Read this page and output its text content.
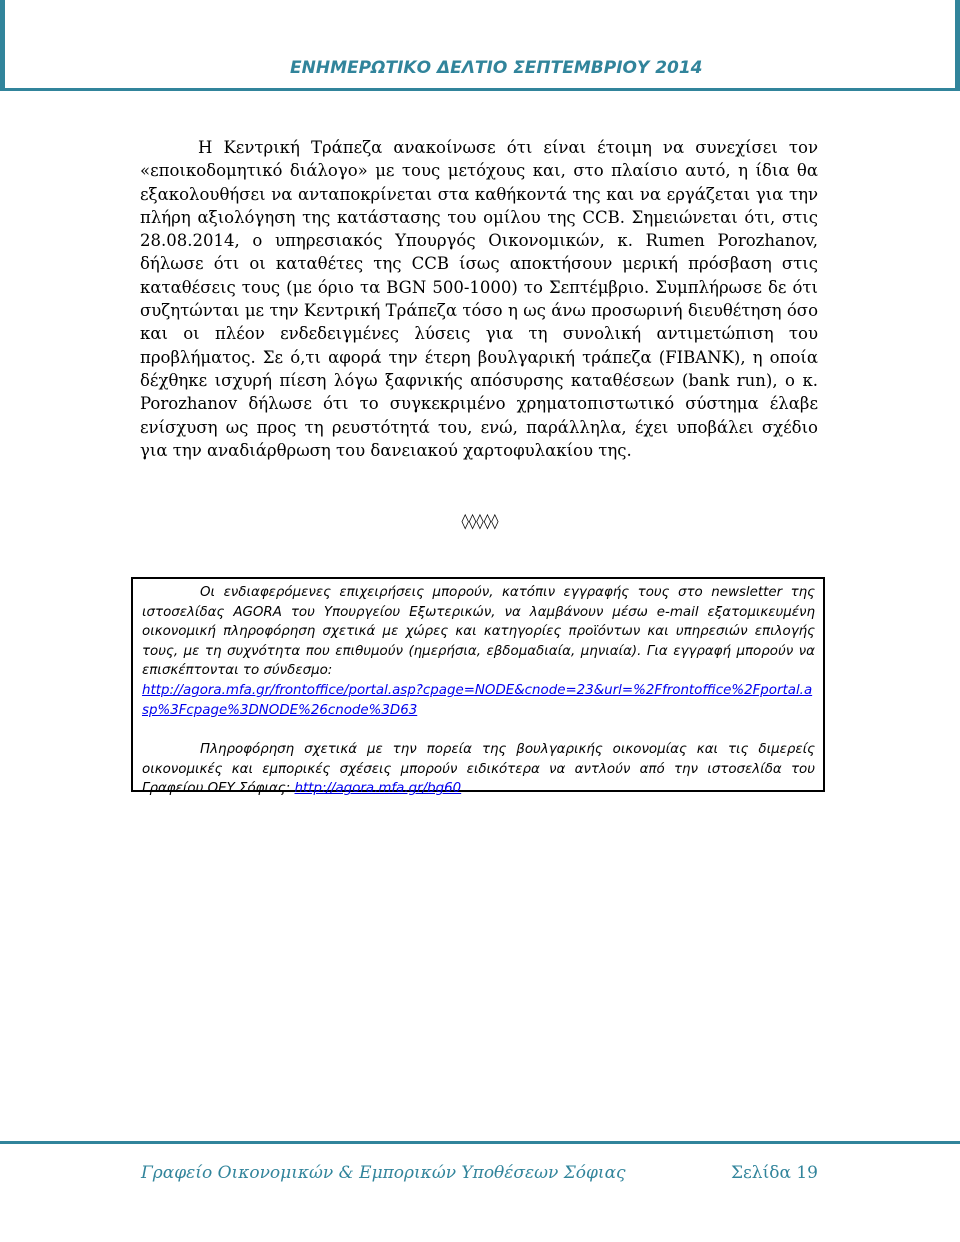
ΕΝΗΜΕΡΩΤΙΚΟ ΔΕΛΤΙΟ ΣΕΠΤΕΜΒΡΙΟΥ 2014

Η Κεντρική Τράπεζα ανακοίνωσε ότι είναι έτοιμη να συνεχίσει τον «εποικοδομητικό διάλογο» με τους μετόχους και, στο πλαίσιο αυτό, η ίδια θα εξακολουθήσει να ανταποκρίνεται στα καθήκοντά της και να εργάζεται για την πλήρη αξιολόγηση της κατάστασης του ομίλου της CCB. Σημειώνεται ότι, στις 28.08.2014, ο υπηρεσιακός Υπουργός Οικονομικών, κ. Rumen Porozhanov, δήλωσε ότι οι καταθέτες της CCB ίσως αποκτήσουν μερική πρόσβαση στις καταθέσεις τους (με όριο τα BGN 500-1000) το Σεπτέμβριο. Συμπλήρωσε δε ότι συζητώνται με την Κεντρική Τράπεζα τόσο η ως άνω προσωρινή διευθέτηση όσο και οι πλέον ενδεδειγμένες λύσεις για τη συνολική αντιμετώπιση του προβλήματος. Σε ό,τι αφορά την έτερη βουλγαρική τράπεζα (FIBANK), η οποία δέχθηκε ισχυρή πίεση λόγω ξαφνικής απόσυρσης καταθέσεων (bank run), ο κ. Porozhanov δήλωσε ότι το συγκεκριμένο χρηματοπιστωτικό σύστημα έλαβε ενίσχυση ως προς τη ρευστότητά του, ενώ, παράλληλα, έχει υποβάλει σχέδιο για την αναδιάρθρωση του δανειακού χαρτοφυλακίου της.

◊◊◊◊◊

Οι ενδιαφερόμενες επιχειρήσεις μπορούν, κατόπιν εγγραφής τους στο newsletter της ιστοσελίδας AGORA του Υπουργείου Εξωτερικών, να λαμβάνουν μέσω e-mail εξατομικευμένη οικονομική πληροφόρηση σχετικά με χώρες και κατηγορίες προϊόντων και υπηρεσιών επιλογής τους, με τη συχνότητα που επιθυμούν (ημερήσια, εβδομαδιαία, μηνιαία). Για εγγραφή μπορούν να επισκέπτονται το σύνδεσμο:

http://agora.mfa.gr/frontoffice/portal.asp?cpage=NODE&cnode=23&url=%2Ffrontoffice%2Fportal.asp%3Fcpage%3DNODE%26cnode%3D63

Πληροφόρηση σχετικά με την πορεία της βουλγαρικής οικονομίας και τις διμερείς οικονομικές και εμπορικές σχέσεις μπορούν ειδικότερα να αντλούν από την ιστοσελίδα του Γραφείου ΟΕΥ Σόφιας: http://agora.mfa.gr/bg60

Γραφείο Οικονομικών & Εμπορικών Υποθέσεων Σόφιας	Σελίδα 19
